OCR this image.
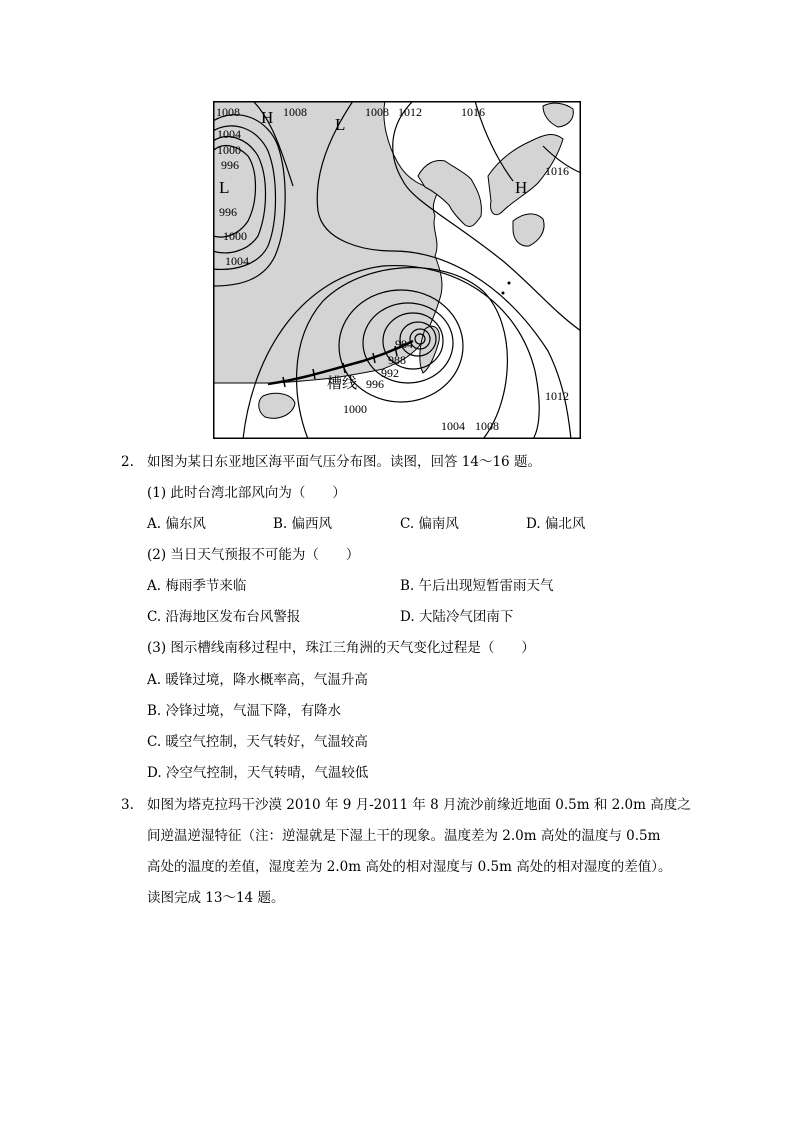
H
H
L
L
1008	1008	1008 1012	1016
1016
1004
1000
996
996
1000
1004
984
988
992
996
1000
1004 1008
1012
槽线
2. 如图为某日东亚地区海平面气压分布图。读图，回答 14～16 题。
(1) 此时台湾北部风向为（　　）
A. 偏东风	B. 偏西风	C. 偏南风	D. 偏北风
(2) 当日天气预报不可能为（　　）
A. 梅雨季节来临	B. 午后出现短暂雷雨天气
C. 沿海地区发布台风警报	D. 大陆冷气团南下
(3) 图示槽线南移过程中，珠江三角洲的天气变化过程是（　　）
A. 暖锋过境，降水概率高，气温升高
B. 冷锋过境，气温下降，有降水
C. 暖空气控制，天气转好，气温较高
D. 冷空气控制，天气转晴，气温较低
3. 如图为塔克拉玛干沙漠 2010 年 9 月-2011 年 8 月流沙前缘近地面 0.5m 和 2.0m 高度之
间逆温逆湿特征（注：逆湿就是下湿上干的现象。温度差为 2.0m 高处的温度与 0.5m
高处的温度的差值，湿度差为 2.0m 高处的相对湿度与 0.5m 高处的相对湿度的差值）。
读图完成 13～14 题。
